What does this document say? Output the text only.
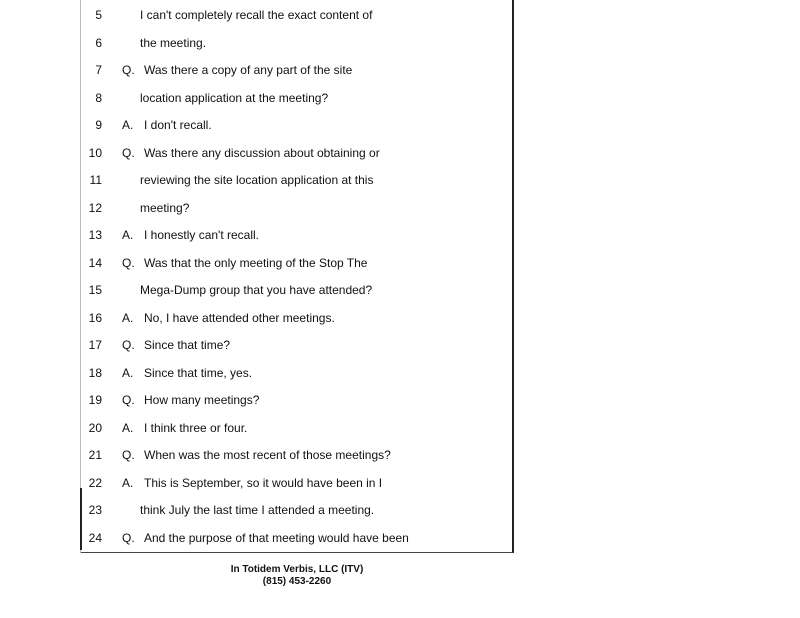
5	I can't completely recall the exact content of
6	the meeting.
7 Q. Was there a copy of any part of the site
8	location application at the meeting?
9 A. I don't recall.
10 Q. Was there any discussion about obtaining or
11	reviewing the site location application at this
12	meeting?
13 A. I honestly can't recall.
14 Q. Was that the only meeting of the Stop The
15	Mega-Dump group that you have attended?
16 A. No, I have attended other meetings.
17 Q. Since that time?
18 A. Since that time, yes.
19 Q. How many meetings?
20 A. I think three or four.
21 Q. When was the most recent of those meetings?
22 A. This is September, so it would have been in I
23	think July the last time I attended a meeting.
24 Q. And the purpose of that meeting would have been
In Totidem Verbis, LLC (ITV)
(815) 453-2260
